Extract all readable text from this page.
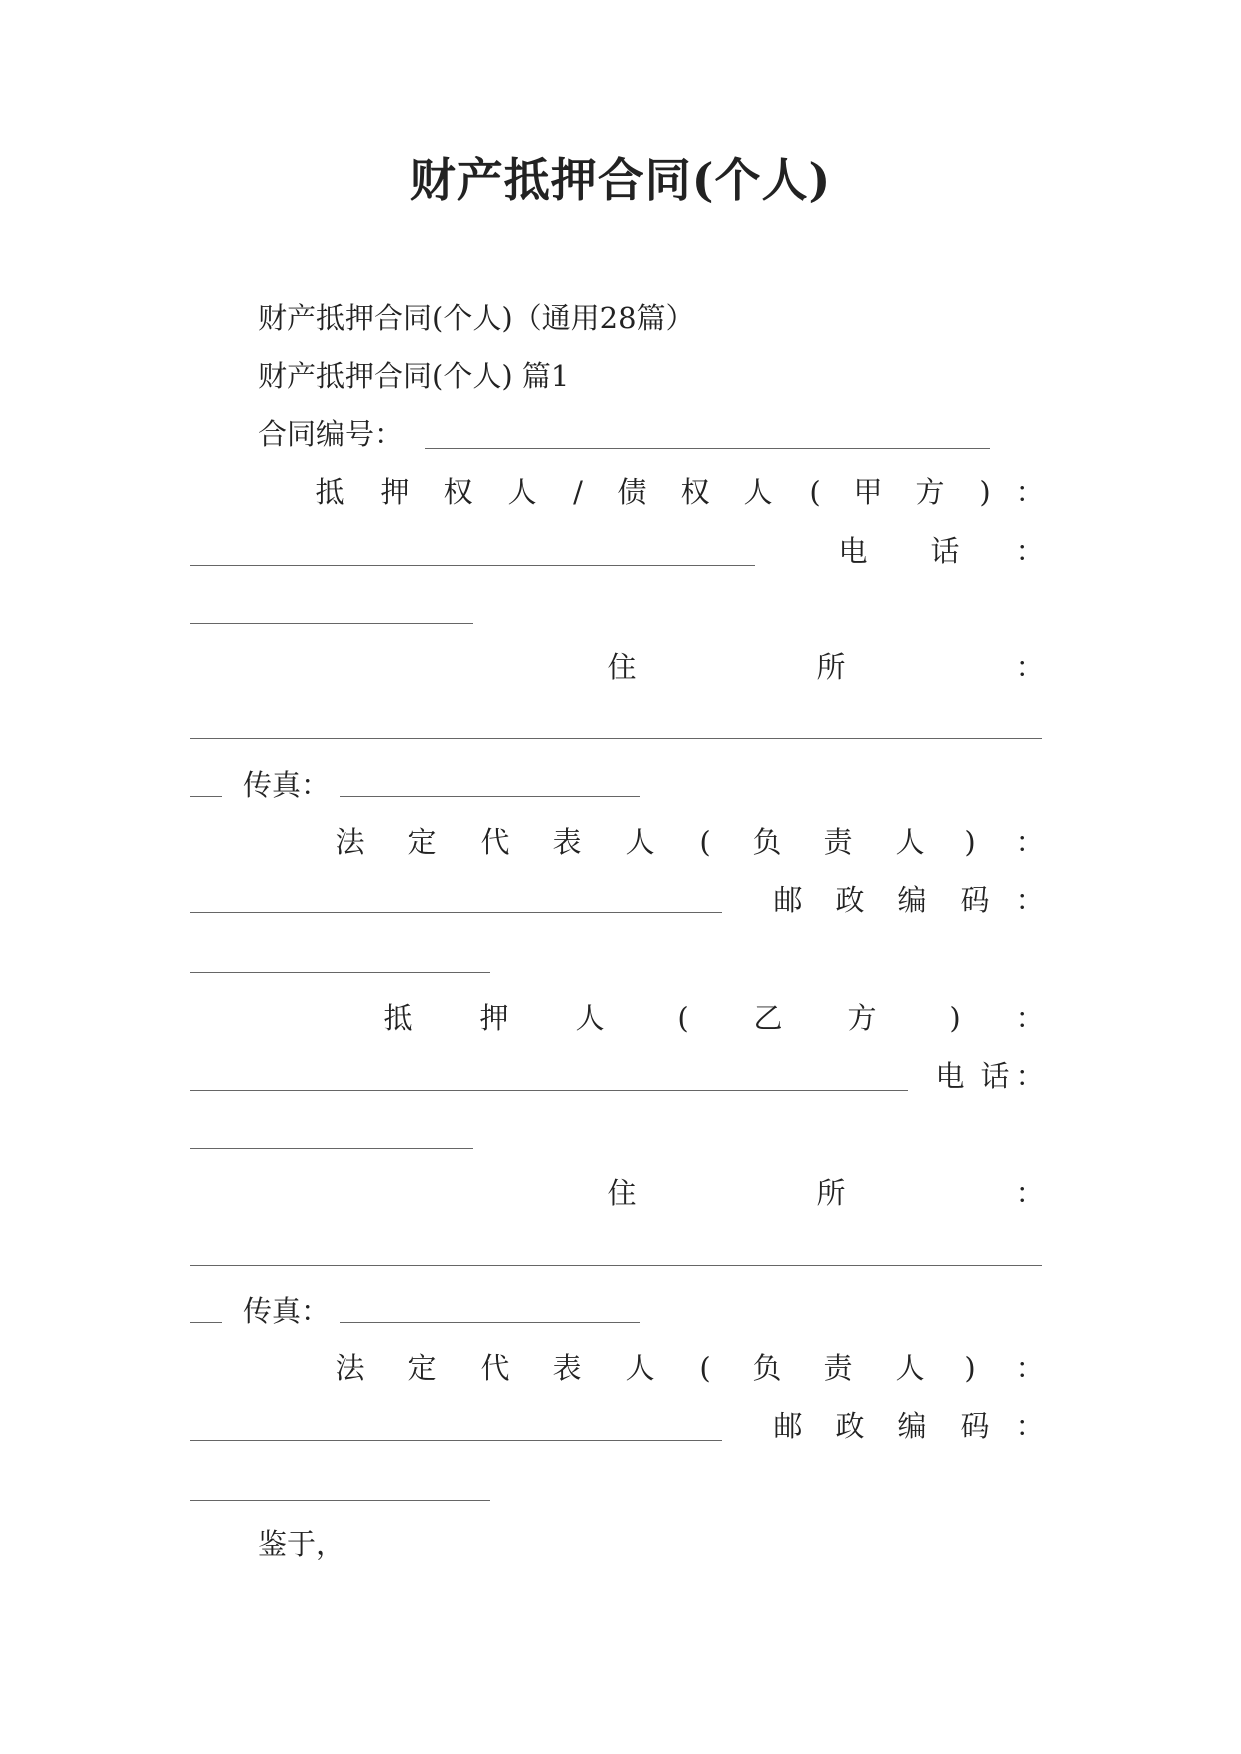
财产抵押合同(个人)
财产抵押合同(个人)（通用28篇）
财产抵押合同(个人) 篇1
合同编号：
抵 押 权 人	/	债 权 人	(	甲 方	) ：
电 话 ：
住	所	：
传真：
法 定 代 表 人	(	负 责 人	)	：
邮 政 编 码 ：
抵 押 人	(	乙 方	)	：
电 话 ：
住	所	：
传真：
法 定 代 表 人	(	负 责 人	)	：
邮 政 编 码 ：
鉴于，
